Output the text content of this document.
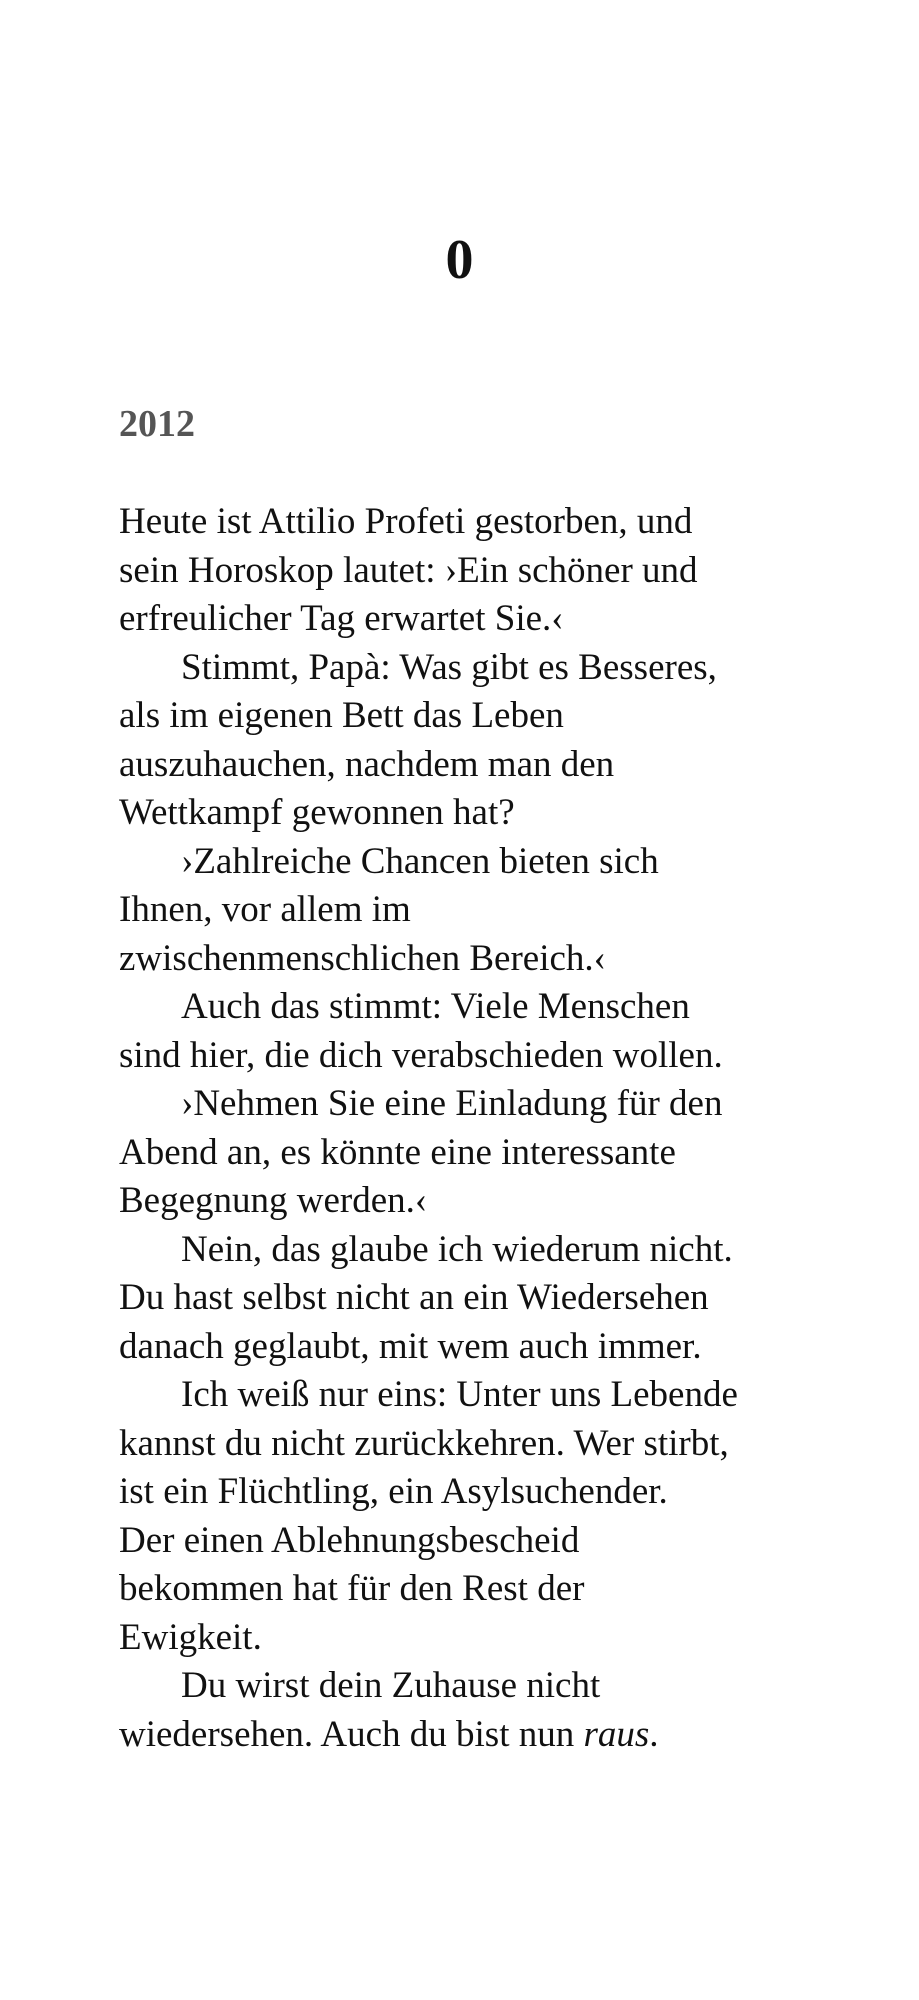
0
2012

Heute ist Attilio Profeti gestorben, und
sein Horoskop lautet: ›Ein schöner und
erfreulicher Tag erwartet Sie.‹

Stimmt, Papà: Was gibt es Besseres,
als im eigenen Bett das Leben
auszuhauchen, nachdem man den
Wettkampf gewonnen hat?

›Zahlreiche Chancen bieten sich
Ihnen, vor allem im
zwischenmenschlichen Bereich.‹

Auch das stimmt: Viele Menschen
sind hier, die dich verabschieden wollen.

›Nehmen Sie eine Einladung für den
Abend an, es könnte eine interessante
Begegnung werden.‹

Nein, das glaube ich wiederum nicht.
Du hast selbst nicht an ein Wiedersehen
danach geglaubt, mit wem auch immer.

Ich weiß nur eins: Unter uns Lebende
kannst du nicht zurückkehren. Wer stirbt,
ist ein Flüchtling, ein Asylsuchender.
Der einen Ablehnungsbescheid
bekommen hat für den Rest der
Ewigkeit.

Du wirst dein Zuhause nicht
wiedersehen. Auch du bist nun raus.
